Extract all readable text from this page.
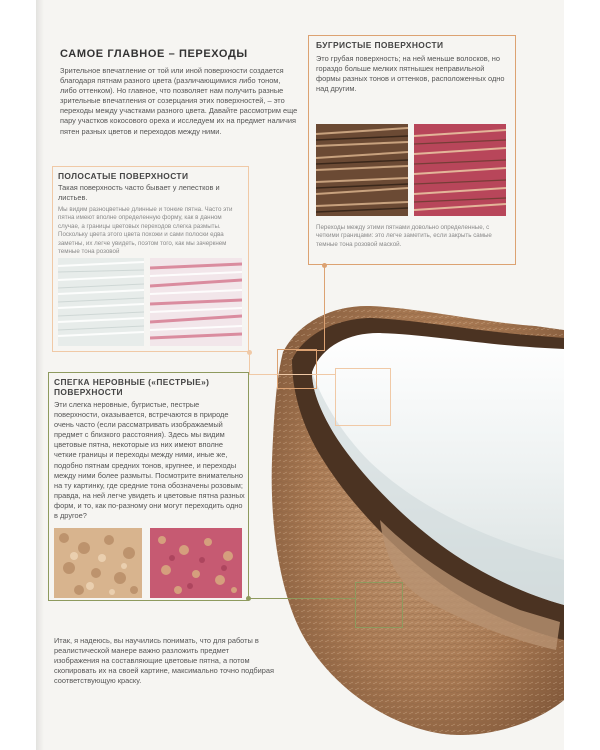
САМОЕ ГЛАВНОЕ – ПЕРЕХОДЫ
Зрительное впечатление от той или иной поверхности создается благодаря пятнам разного цвета (различающимися либо тоном, либо оттенком). Но главное, что позволяет нам получить разные зрительные впечатления от созерцания этих поверхностей, – это переходы между участками разного цвета. Давайте рассмотрим еще пару участков кокосового ореха и исследуем их на предмет наличия пятен разных цветов и переходов между ними.
БУГРИСТЫЕ ПОВЕРХНОСТИ
Это грубая поверхность; на ней меньше волосков, но гораздо больше мелких пятнышек неправильной формы разных тонов и оттенков, расположенных одно над другим.
Переходы между этими пятнами довольно определенные, с четкими границами: это легче заметить, если закрыть самые темные тона розовой маской.
ПОЛОСАТЫЕ ПОВЕРХНОСТИ
Такая поверхность часто бывает у лепестков и листьев.
Мы видим разноцветные длинные и тонкие пятна. Часто эти пятна имеют вполне определенную форму, как в данном случае, а границы цветовых переходов слегка размыты. Поскольку цвета этого цвета похожи и сами полоски едва заметны, их легче увидеть, поэтом того, как мы зачеркнем темные тона розовой
СПЕГКА НЕРОВНЫЕ («ПЕСТРЫЕ»)
ПОВЕРХНОСТИ
Эти слегка неровные, бугристые, пестрые поверхности, оказывается, встречаются в природе очень часто (если рассматривать изображаемый предмет с близкого расстояния). Здесь мы видим цветовые пятна, некоторые из них имеют вполне четкие границы и переходы между ними, иные же, подобно пятнам средних тонов, крупнее, и переходы между ними более размыты. Посмотрите внимательно на ту картинку, где средние тона обозначены розовым; правда, на ней легче увидеть и цветовые пятна разных форм, и то, как по-разному они могут переходить одно в другое?
Итак, я надеюсь, вы научились понимать, что для работы в реалистической манере важно разложить предмет изображения на составляющие цветовые пятна, а потом скопировать их на своей картине, максимально точно подбирая соответствующую краску.
